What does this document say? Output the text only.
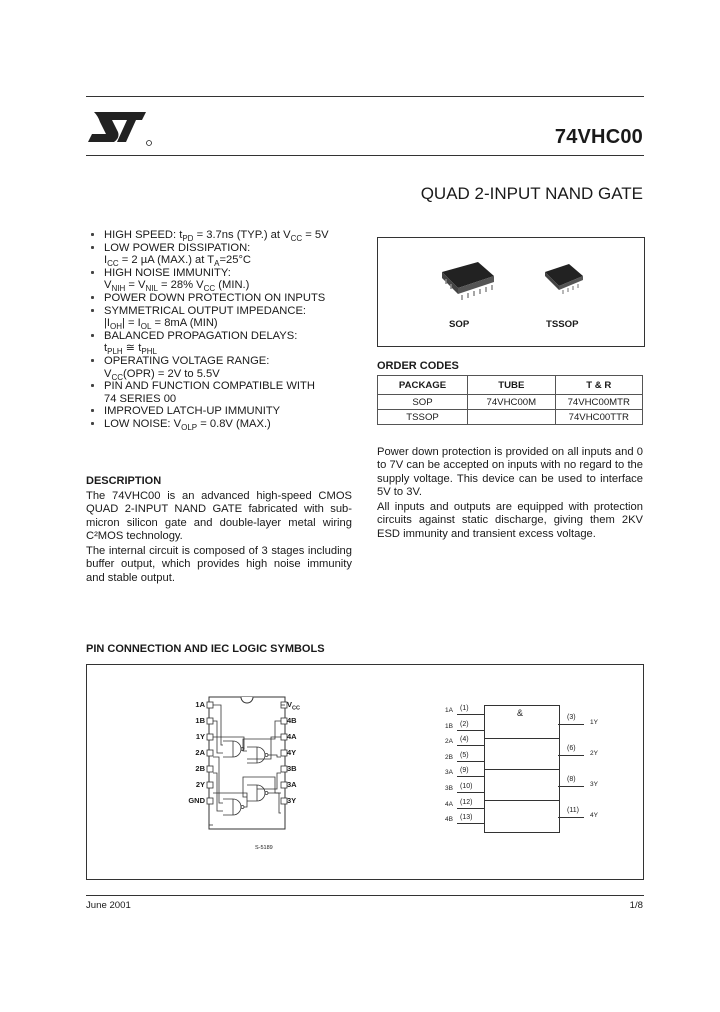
74VHC00
QUAD 2-INPUT NAND GATE
HIGH SPEED: $t_{PD} = 3.7ns$ (TYP.) at $V_{CC} = 5V$
LOW POWER DISSIPATION:
$I_{CC} = 2$ µA (MAX.) at $T_A=25^\circ C$
HIGH NOISE IMMUNITY:
$V_{NIH} = V_{NIL} = 28\%$ $V_{CC}$ (MIN.)
POWER DOWN PROTECTION ON INPUTS
SYMMETRICAL OUTPUT IMPEDANCE:
$|I_{OH}| = I_{OL} = 8mA$ (MIN)
BALANCED PROPAGATION DELAYS:
$t_{PLH}$ ≅ $t_{PHL}$
OPERATING VOLTAGE RANGE:
$V_{CC}(OPR) = 2V$ to 5.5V
PIN AND FUNCTION COMPATIBLE WITH
74 SERIES 00
IMPROVED LATCH-UP IMMUNITY
LOW NOISE: $V_{OLP} = 0.8V$ (MAX.)
SOP	TSSOP
ORDER CODES
PACKAGE	TUBE	T & R
SOP	74VHC00M	74VHC00MTR
TSSOP		74VHC00TTR
DESCRIPTION
The 74VHC00 is an advanced high-speed CMOS QUAD 2-INPUT NAND GATE fabricated with sub-micron silicon gate and double-layer metal wiring C²MOS technology.
The internal circuit is composed of 3 stages including buffer output, which provides high noise immunity and stable output.
Power down protection is provided on all inputs and 0 to 7V can be accepted on inputs with no regard to the supply voltage. This device can be used to interface 5V to 3V.
All inputs and outputs are equipped with protection circuits against static discharge, giving them 2KV ESD immunity and transient excess voltage.
PIN CONNECTION AND IEC LOGIC SYMBOLS
1A
1B
1Y
2A
2B
2Y
GND
$V_{CC}$
4B
4A
4Y
3B
3A
3Y
S-5189
&
1A (1)
1B (2)
2A (4)
2B (5)
3A (9)
3B (10)
4A (12)
4B (13)
(3)
1Y
(6)
2Y
(8)
3Y
(11)
4Y
June 2001	1/8
